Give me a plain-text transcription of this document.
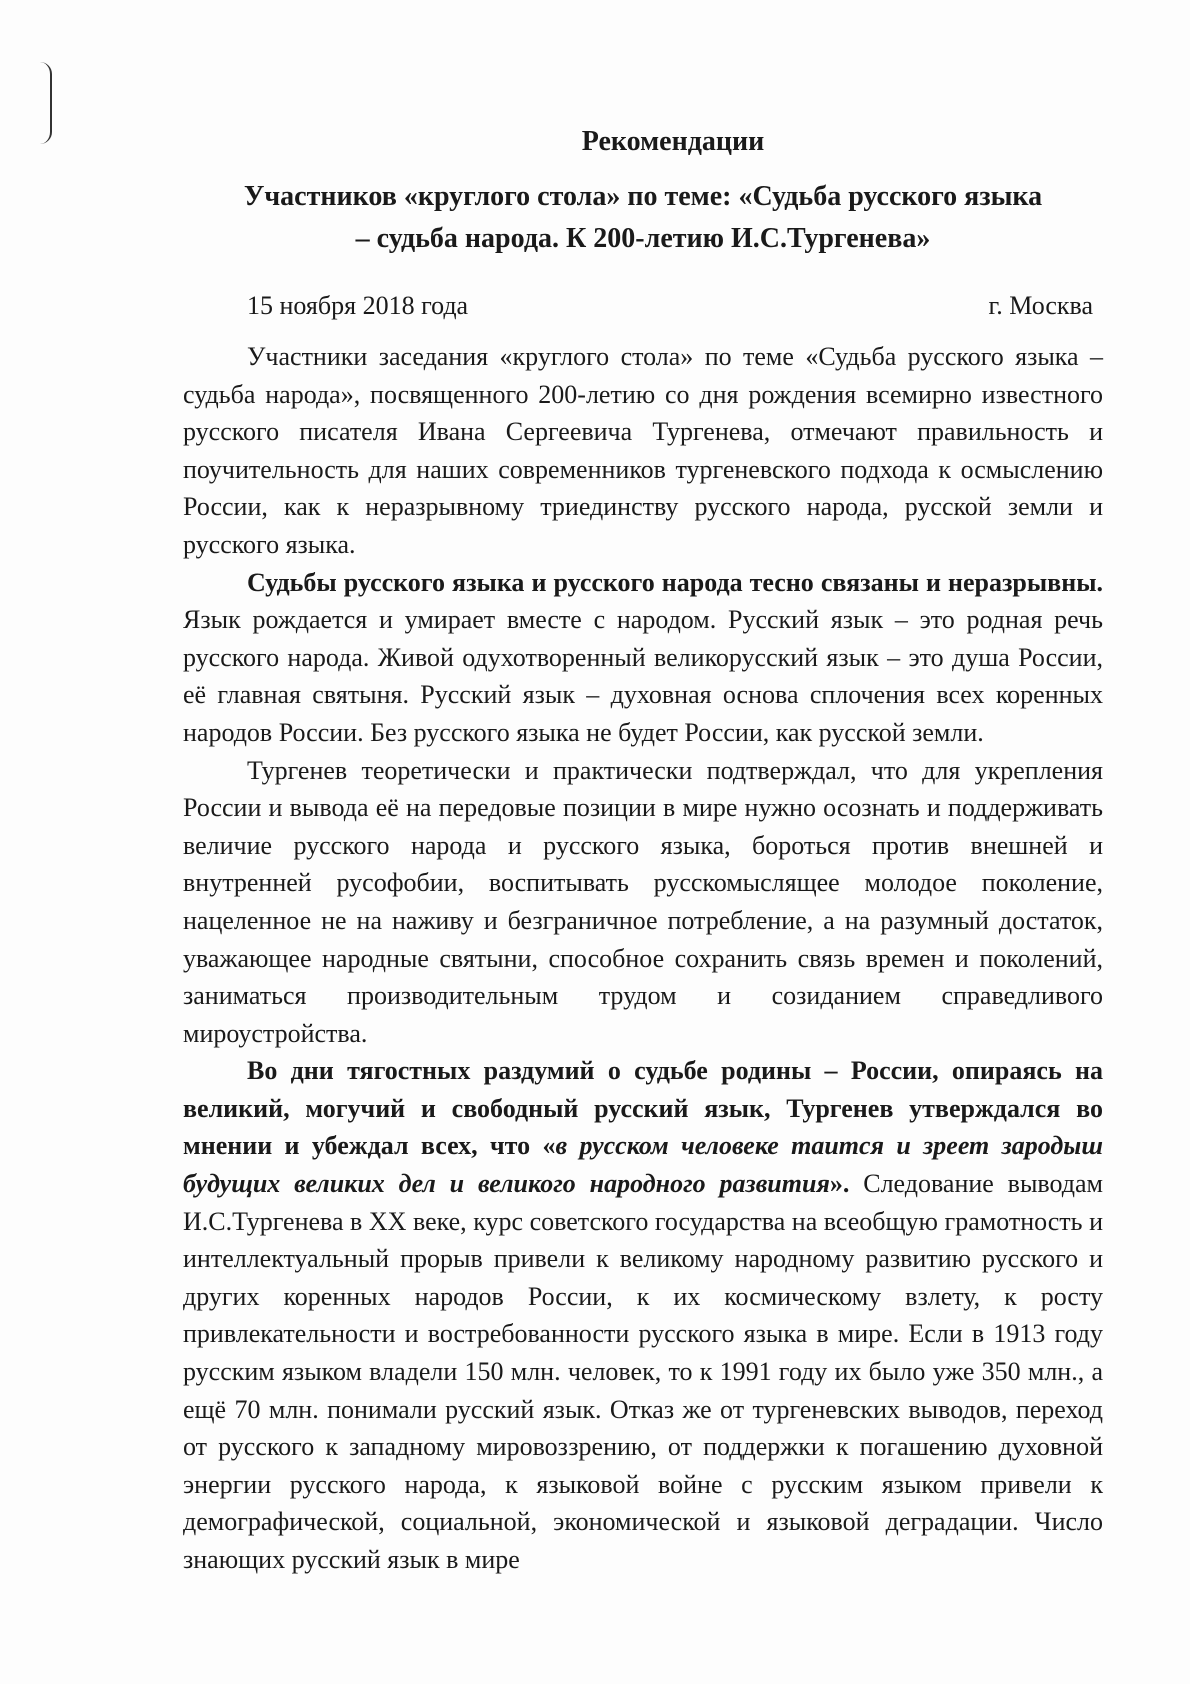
Рекомендации
Участников «круглого стола» по теме: «Судьба русского языка
– судьба народа. К 200-летию И.С.Тургенева»
15 ноября 2018 года	г. Москва

Участники заседания «круглого стола» по теме «Судьба русского языка – судьба народа», посвященного 200-летию со дня рождения всемирно известного русского писателя Ивана Сергеевича Тургенева, отмечают правильность и поучительность для наших современников тургеневского подхода к осмыслению России, как к неразрывному триединству русского народа, русской земли и русского языка.

Судьбы русского языка и русского народа тесно связаны и неразрывны. Язык рождается и умирает вместе с народом. Русский язык – это родная речь русского народа. Живой одухотворенный великорусский язык – это душа России, её главная святыня. Русский язык – духовная основа сплочения всех коренных народов России. Без русского языка не будет России, как русской земли.

Тургенев теоретически и практически подтверждал, что для укрепления России и вывода её на передовые позиции в мире нужно осознать и поддерживать величие русского народа и русского языка, бороться против внешней и внутренней русофобии, воспитывать русскомыслящее молодое поколение, нацеленное не на наживу и безграничное потребление, а на разумный достаток, уважающее народные святыни, способное сохранить связь времен и поколений, заниматься производительным трудом и созиданием справедливого мироустройства.

Во дни тягостных раздумий о судьбе родины – России, опираясь на великий, могучий и свободный русский язык, Тургенев утверждался во мнении и убеждал всех, что «в русском человеке таится и зреет зародыш будущих великих дел и великого народного развития». Следование выводам И.С.Тургенева в XX веке, курс советского государства на всеобщую грамотность и интеллектуальный прорыв привели к великому народному развитию русского и других коренных народов России, к их космическому взлету, к росту привлекательности и востребованности русского языка в мире. Если в 1913 году русским языком владели 150 млн. человек, то к 1991 году их было уже 350 млн., а ещё 70 млн. понимали русский язык. Отказ же от тургеневских выводов, переход от русского к западному мировоззрению, от поддержки к погашению духовной энергии русского народа, к языковой войне с русским языком привели к демографической, социальной, экономической и языковой деградации. Число знающих русский язык в мире
